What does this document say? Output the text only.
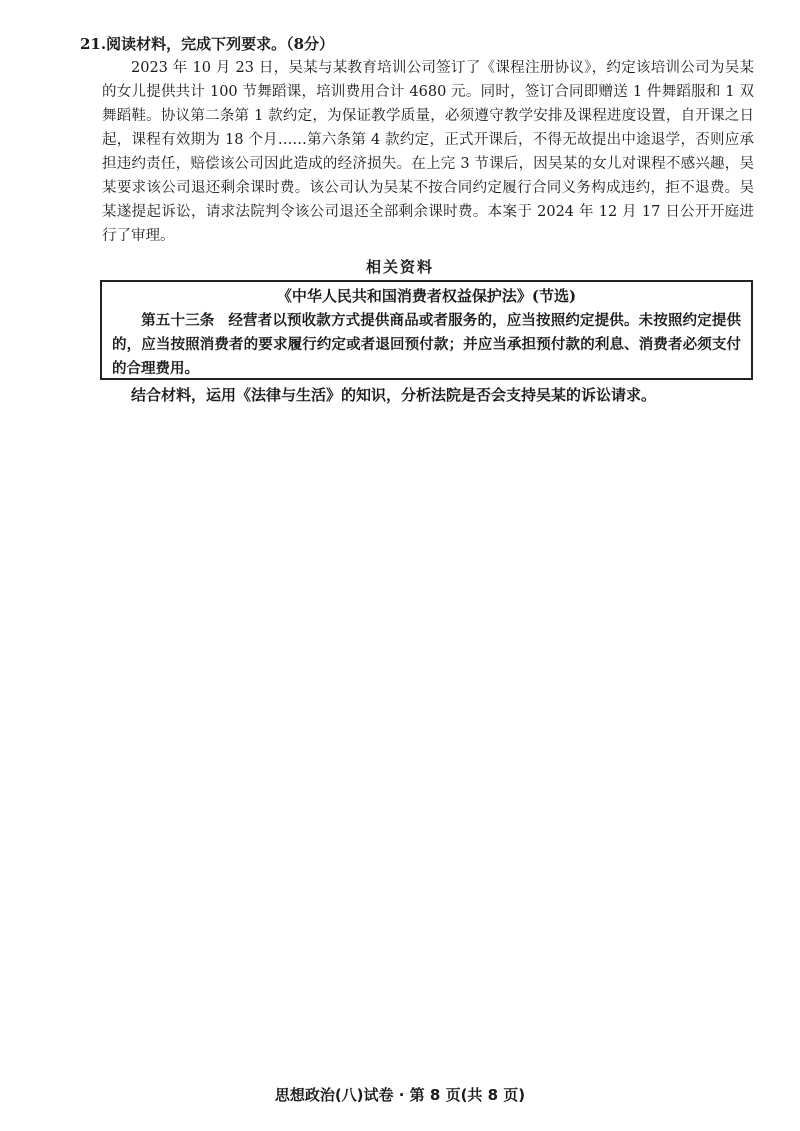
21.阅读材料，完成下列要求。（8分）
2023 年 10 月 23 日，吴某与某教育培训公司签订了《课程注册协议》，约定该培训公司为吴某的女儿提供共计 100 节舞蹈课，培训费用合计 4680 元。同时，签订合同即赠送 1 件舞蹈服和 1 双舞蹈鞋。协议第二条第 1 款约定，为保证教学质量，必须遵守教学安排及课程进度设置，自开课之日起，课程有效期为 18 个月……第六条第 4 款约定，正式开课后，不得无故提出中途退学，否则应承担违约责任，赔偿该公司因此造成的经济损失。在上完 3 节课后，因吴某的女儿对课程不感兴趣，吴某要求该公司退还剩余课时费。该公司认为吴某不按合同约定履行合同义务构成违约，拒不退费。吴某遂提起诉讼，请求法院判令该公司退还全部剩余课时费。本案于 2024 年 12 月 17 日公开开庭进行了审理。
相关资料
《中华人民共和国消费者权益保护法》(节选)
第五十三条 经营者以预收款方式提供商品或者服务的，应当按照约定提供。未按照约定提供的，应当按照消费者的要求履行约定或者退回预付款；并应当承担预付款的利息、消费者必须支付的合理费用。
结合材料，运用《法律与生活》的知识，分析法院是否会支持吴某的诉讼请求。
思想政治(八)试卷 · 第 8 页(共 8 页)
